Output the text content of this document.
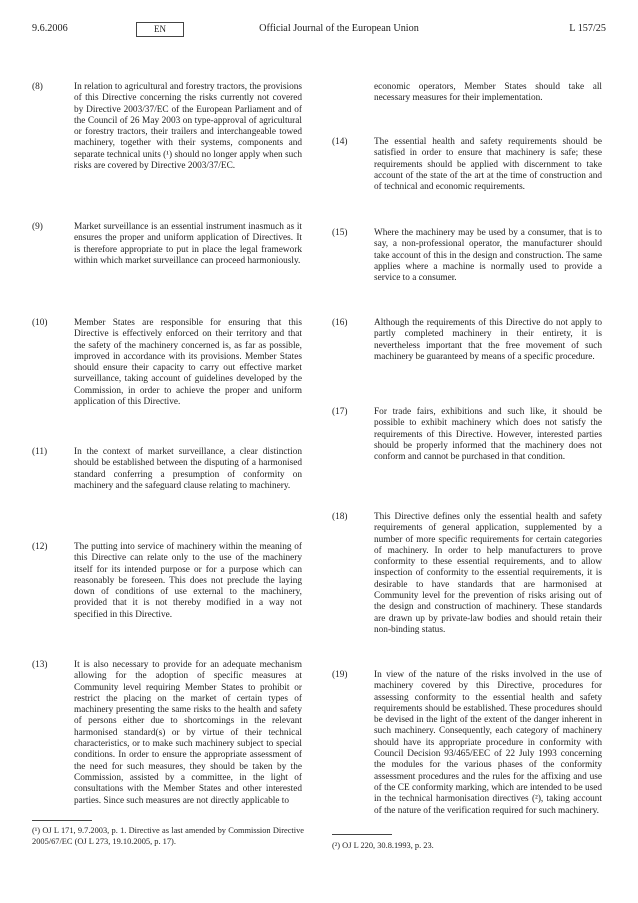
9.6.2006	EN	Official Journal of the European Union	L 157/25
(8)	In relation to agricultural and forestry tractors, the provisions of this Directive concerning the risks currently not covered by Directive 2003/37/EC of the European Parliament and of the Council of 26 May 2003 on type-approval of agricultural or forestry tractors, their trailers and interchangeable towed machinery, together with their systems, components and separate technical units (¹) should no longer apply when such risks are covered by Directive 2003/37/EC.
(9)	Market surveillance is an essential instrument inasmuch as it ensures the proper and uniform application of Directives. It is therefore appropriate to put in place the legal framework within which market surveillance can proceed harmoniously.
(10)	Member States are responsible for ensuring that this Directive is effectively enforced on their territory and that the safety of the machinery concerned is, as far as possible, improved in accordance with its provisions. Member States should ensure their capacity to carry out effective market surveillance, taking account of guidelines developed by the Commission, in order to achieve the proper and uniform application of this Directive.
(11)	In the context of market surveillance, a clear distinction should be established between the disputing of a harmonised standard conferring a presumption of conformity on machinery and the safeguard clause relating to machinery.
(12)	The putting into service of machinery within the meaning of this Directive can relate only to the use of the machinery itself for its intended purpose or for a purpose which can reasonably be foreseen. This does not preclude the laying down of conditions of use external to the machinery, provided that it is not thereby modified in a way not specified in this Directive.
(13)	It is also necessary to provide for an adequate mechanism allowing for the adoption of specific measures at Community level requiring Member States to prohibit or restrict the placing on the market of certain types of machinery presenting the same risks to the health and safety of persons either due to shortcomings in the relevant harmonised standard(s) or by virtue of their technical characteristics, or to make such machinery subject to special conditions. In order to ensure the appropriate assessment of the need for such measures, they should be taken by the Commission, assisted by a committee, in the light of consultations with the Member States and other interested parties. Since such measures are not directly applicable to
(¹) OJ L 171, 9.7.2003, p. 1. Directive as last amended by Commission Directive 2005/67/EC (OJ L 273, 19.10.2005, p. 17).
economic operators, Member States should take all necessary measures for their implementation.
(14)	The essential health and safety requirements should be satisfied in order to ensure that machinery is safe; these requirements should be applied with discernment to take account of the state of the art at the time of construction and of technical and economic requirements.
(15)	Where the machinery may be used by a consumer, that is to say, a non-professional operator, the manufacturer should take account of this in the design and construction. The same applies where a machine is normally used to provide a service to a consumer.
(16)	Although the requirements of this Directive do not apply to partly completed machinery in their entirety, it is nevertheless important that the free movement of such machinery be guaranteed by means of a specific procedure.
(17)	For trade fairs, exhibitions and such like, it should be possible to exhibit machinery which does not satisfy the requirements of this Directive. However, interested parties should be properly informed that the machinery does not conform and cannot be purchased in that condition.
(18)	This Directive defines only the essential health and safety requirements of general application, supplemented by a number of more specific requirements for certain categories of machinery. In order to help manufacturers to prove conformity to these essential requirements, and to allow inspection of conformity to the essential requirements, it is desirable to have standards that are harmonised at Community level for the prevention of risks arising out of the design and construction of machinery. These standards are drawn up by private-law bodies and should retain their non-binding status.
(19)	In view of the nature of the risks involved in the use of machinery covered by this Directive, procedures for assessing conformity to the essential health and safety requirements should be established. These procedures should be devised in the light of the extent of the danger inherent in such machinery. Consequently, each category of machinery should have its appropriate procedure in conformity with Council Decision 93/465/EEC of 22 July 1993 concerning the modules for the various phases of the conformity assessment procedures and the rules for the affixing and use of the CE conformity marking, which are intended to be used in the technical harmonisation directives (²), taking account of the nature of the verification required for such machinery.
(²) OJ L 220, 30.8.1993, p. 23.
